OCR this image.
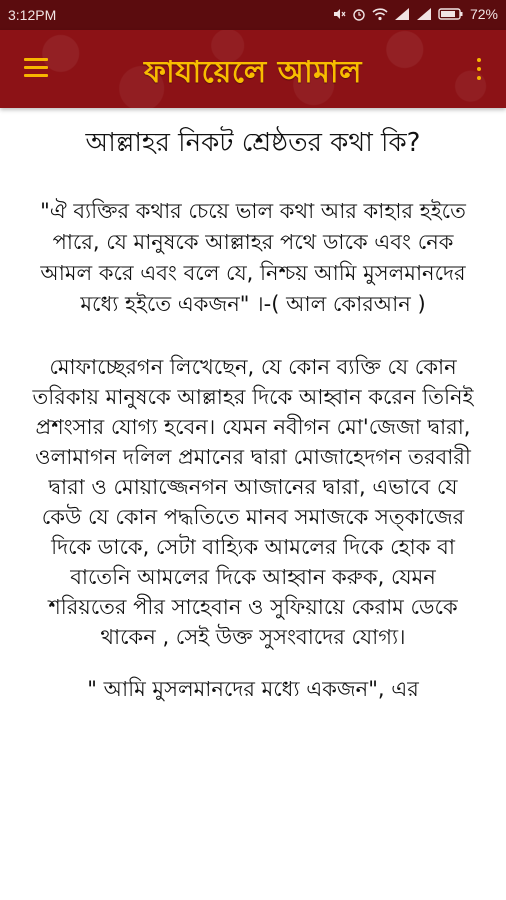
3:12PM	72%
ফাযায়েলে আমাল
আল্লাহর নিকট শ্রেষ্ঠতর কথা কি?
"ঐ ব্যক্তির কথার চেয়ে ভাল কথা আর কাহার হইতে পারে, যে মানুষকে আল্লাহর পথে ডাকে এবং নেক আমল করে এবং বলে যে, নিশ্চয় আমি মুসলমানদের মধ্যে হইতে একজন" ।-( আল কোরআন )
মোফাচ্ছেরগন লিখেছেন, যে কোন ব্যক্তি যে কোন তরিকায় মানুষকে আল্লাহর দিকে আহ্বান করেন তিনিই প্রশংসার যোগ্য হবেন। যেমন নবীগন মো'জেজা দ্বারা, ওলামাগন দলিল প্রমানের দ্বারা মোজাহেদগন তরবারী দ্বারা ও মোয়াজ্জেনগন আজানের দ্বারা, এভাবে যে কেউ যে কোন পদ্ধতিতে মানব সমাজকে সত্কাজের দিকে ডাকে, সেটা বাহ্যিক আমলের দিকে হোক বা বাতেনি আমলের দিকে আহ্বান করুক, যেমন শরিয়তের পীর সাহেবান ও সুফিয়ায়ে কেরাম ডেকে থাকেন , সেই উক্ত সুসংবাদের যোগ্য।
" আমি মুসলমানদের মধ্যে একজন", এর
